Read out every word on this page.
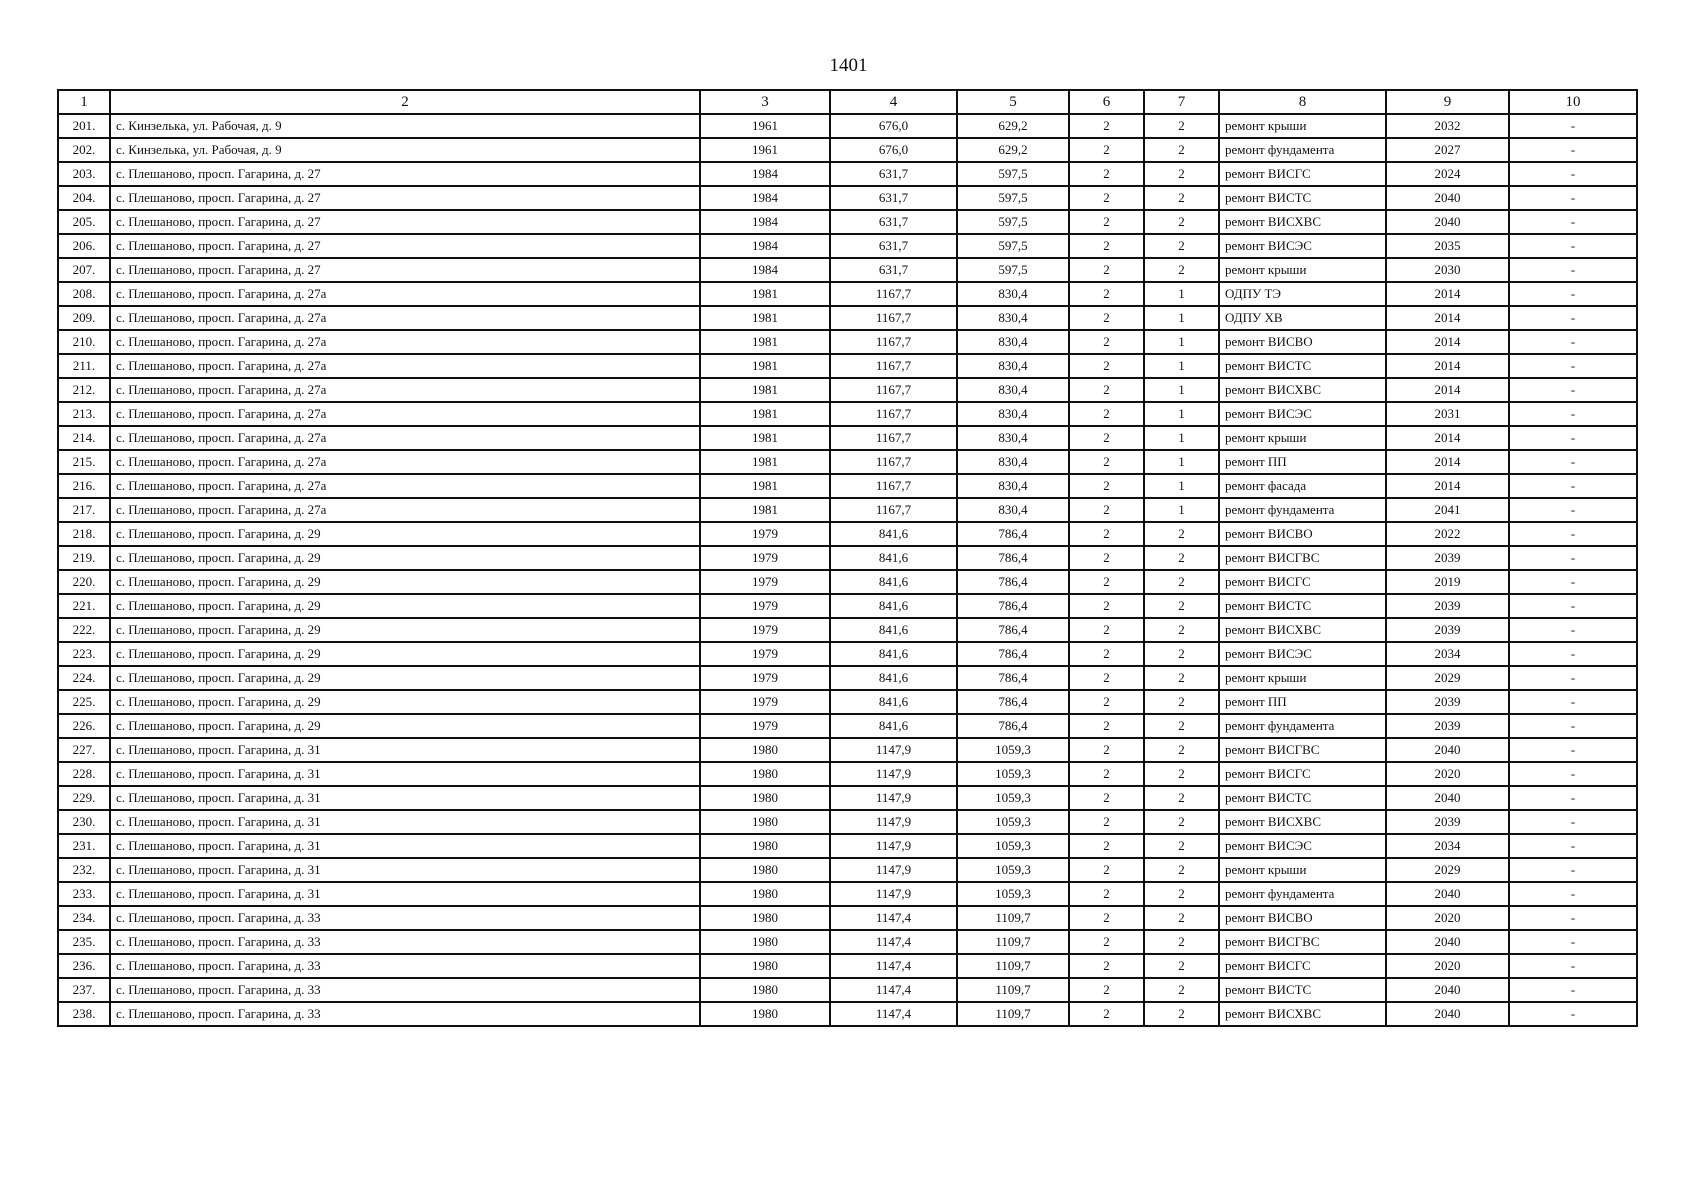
1401
1	2	3	4	5	6	7	8	9	10
201.	с. Кинзелька, ул. Рабочая, д. 9	1961	676,0	629,2	2	2	ремонт крыши	2032	-
202.	с. Кинзелька, ул. Рабочая, д. 9	1961	676,0	629,2	2	2	ремонт фундамента	2027	-
203.	с. Плешаново, просп. Гагарина, д. 27	1984	631,7	597,5	2	2	ремонт ВИСГС	2024	-
204.	с. Плешаново, просп. Гагарина, д. 27	1984	631,7	597,5	2	2	ремонт ВИСТС	2040	-
205.	с. Плешаново, просп. Гагарина, д. 27	1984	631,7	597,5	2	2	ремонт ВИСХВС	2040	-
206.	с. Плешаново, просп. Гагарина, д. 27	1984	631,7	597,5	2	2	ремонт ВИСЭС	2035	-
207.	с. Плешаново, просп. Гагарина, д. 27	1984	631,7	597,5	2	2	ремонт крыши	2030	-
208.	с. Плешаново, просп. Гагарина, д. 27а	1981	1167,7	830,4	2	1	ОДПУ ТЭ	2014	-
209.	с. Плешаново, просп. Гагарина, д. 27а	1981	1167,7	830,4	2	1	ОДПУ ХВ	2014	-
210.	с. Плешаново, просп. Гагарина, д. 27а	1981	1167,7	830,4	2	1	ремонт ВИСВО	2014	-
211.	с. Плешаново, просп. Гагарина, д. 27а	1981	1167,7	830,4	2	1	ремонт ВИСТС	2014	-
212.	с. Плешаново, просп. Гагарина, д. 27а	1981	1167,7	830,4	2	1	ремонт ВИСХВС	2014	-
213.	с. Плешаново, просп. Гагарина, д. 27а	1981	1167,7	830,4	2	1	ремонт ВИСЭС	2031	-
214.	с. Плешаново, просп. Гагарина, д. 27а	1981	1167,7	830,4	2	1	ремонт крыши	2014	-
215.	с. Плешаново, просп. Гагарина, д. 27а	1981	1167,7	830,4	2	1	ремонт ПП	2014	-
216.	с. Плешаново, просп. Гагарина, д. 27а	1981	1167,7	830,4	2	1	ремонт фасада	2014	-
217.	с. Плешаново, просп. Гагарина, д. 27а	1981	1167,7	830,4	2	1	ремонт фундамента	2041	-
218.	с. Плешаново, просп. Гагарина, д. 29	1979	841,6	786,4	2	2	ремонт ВИСВО	2022	-
219.	с. Плешаново, просп. Гагарина, д. 29	1979	841,6	786,4	2	2	ремонт ВИСГВС	2039	-
220.	с. Плешаново, просп. Гагарина, д. 29	1979	841,6	786,4	2	2	ремонт ВИСГС	2019	-
221.	с. Плешаново, просп. Гагарина, д. 29	1979	841,6	786,4	2	2	ремонт ВИСТС	2039	-
222.	с. Плешаново, просп. Гагарина, д. 29	1979	841,6	786,4	2	2	ремонт ВИСХВС	2039	-
223.	с. Плешаново, просп. Гагарина, д. 29	1979	841,6	786,4	2	2	ремонт ВИСЭС	2034	-
224.	с. Плешаново, просп. Гагарина, д. 29	1979	841,6	786,4	2	2	ремонт крыши	2029	-
225.	с. Плешаново, просп. Гагарина, д. 29	1979	841,6	786,4	2	2	ремонт ПП	2039	-
226.	с. Плешаново, просп. Гагарина, д. 29	1979	841,6	786,4	2	2	ремонт фундамента	2039	-
227.	с. Плешаново, просп. Гагарина, д. 31	1980	1147,9	1059,3	2	2	ремонт ВИСГВС	2040	-
228.	с. Плешаново, просп. Гагарина, д. 31	1980	1147,9	1059,3	2	2	ремонт ВИСГС	2020	-
229.	с. Плешаново, просп. Гагарина, д. 31	1980	1147,9	1059,3	2	2	ремонт ВИСТС	2040	-
230.	с. Плешаново, просп. Гагарина, д. 31	1980	1147,9	1059,3	2	2	ремонт ВИСХВС	2039	-
231.	с. Плешаново, просп. Гагарина, д. 31	1980	1147,9	1059,3	2	2	ремонт ВИСЭС	2034	-
232.	с. Плешаново, просп. Гагарина, д. 31	1980	1147,9	1059,3	2	2	ремонт крыши	2029	-
233.	с. Плешаново, просп. Гагарина, д. 31	1980	1147,9	1059,3	2	2	ремонт фундамента	2040	-
234.	с. Плешаново, просп. Гагарина, д. 33	1980	1147,4	1109,7	2	2	ремонт ВИСВО	2020	-
235.	с. Плешаново, просп. Гагарина, д. 33	1980	1147,4	1109,7	2	2	ремонт ВИСГВС	2040	-
236.	с. Плешаново, просп. Гагарина, д. 33	1980	1147,4	1109,7	2	2	ремонт ВИСГС	2020	-
237.	с. Плешаново, просп. Гагарина, д. 33	1980	1147,4	1109,7	2	2	ремонт ВИСТС	2040	-
238.	с. Плешаново, просп. Гагарина, д. 33	1980	1147,4	1109,7	2	2	ремонт ВИСХВС	2040	-
